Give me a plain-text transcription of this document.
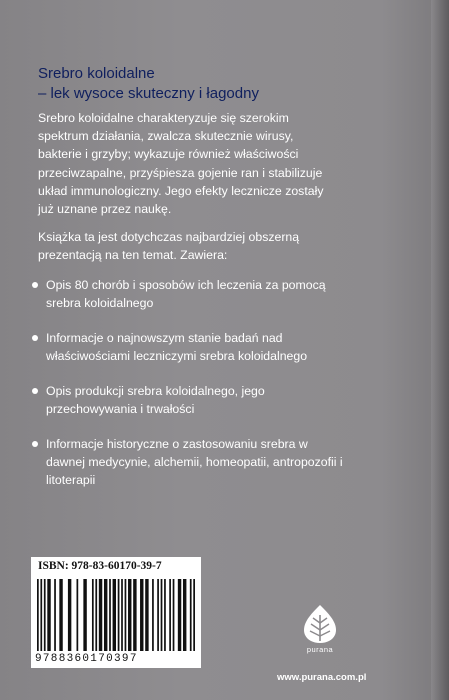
Srebro koloidalne
– lek wysoce skuteczny i łagodny

Srebro koloidalne charakteryzuje się szerokim spektrum działania, zwalcza skutecznie wirusy, bakterie i grzyby; wykazuje również właściwości przeciwzapalne, przyśpiesza gojenie ran i stabilizuje układ immunologiczny. Jego efekty lecznicze zostały już uznane przez naukę.

Książka ta jest dotychczas najbardziej obszerną prezentacją na ten temat. Zawiera:

Opis 80 chorób i sposobów ich leczenia za pomocą srebra koloidalnego
Informacje o najnowszym stanie badań nad właściwościami leczniczymi srebra koloidalnego
Opis produkcji srebra koloidalnego, jego przechowywania i trwałości
Informacje historyczne o zastosowaniu srebra w dawnej medycynie, alchemii, homeopatii, antropozofii i litoterapii
ISBN: 978-83-60170-39-7
9788360170397
purana
www.purana.com.pl
